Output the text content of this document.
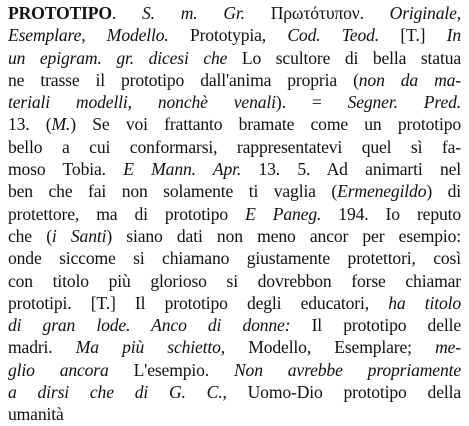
PROTOTIPO. S. m. Gr. Πρωτότυπον. Originale,
Esemplare, Modello. Prototypia, Cod. Teod. [T.] In
un epigram. gr. dicesi che Lo scultore di bella statua
ne trasse il prototipo dall'anima propria (non da ma-
teriali modelli, nonchè venali). = Segner. Pred.
13. (M.) Se voi frattanto bramate come un prototipo
bello a cui conformarsi, rappresentatevi quel sì fa-
moso Tobia. E Mann. Apr. 13. 5. Ad animarti nel
ben che fai non solamente ti vaglia (Ermenegildo) di
protettore, ma di prototipo E Paneg. 194. Io reputo
che (i Santi) siano dati non meno ancor per esempio:
onde siccome si chiamano giustamente protettori, così
con titolo più glorioso si dovrebbon forse chiamar
prototipi. [T.] Il prototipo degli educatori, ha titolo
di gran lode. Anco di donne: Il prototipo delle
madri. Ma più schietto, Modello, Esemplare; me-
glio ancora L'esempio. Non avrebbe propriamente
a dirsi che di G. C., Uomo-Dio prototipo della
umanità
